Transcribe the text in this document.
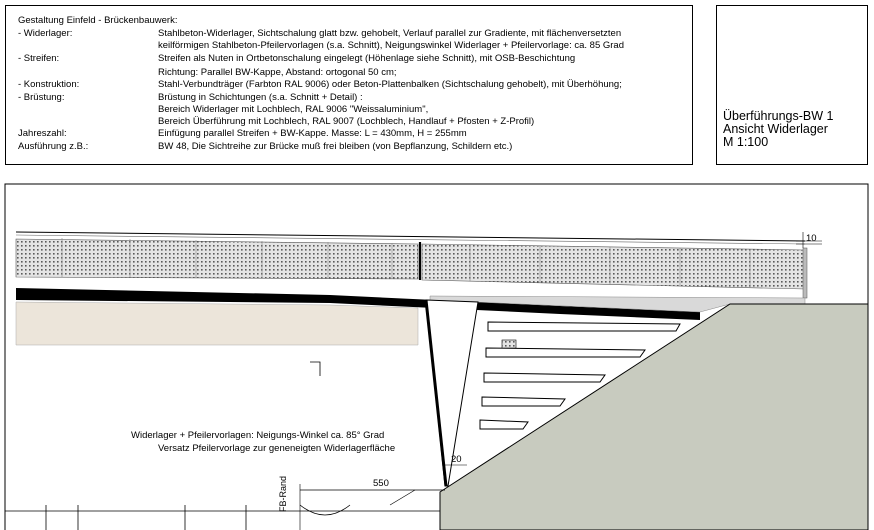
Gestaltung Einfeld - Brückenbauwerk:
- Widerlager:	Stahlbeton-Widerlager, Sichtschalung glatt bzw. gehobelt, Verlauf parallel zur Gradiente, mit flächenversetzten
keilförmigen Stahlbeton-Pfeilervorlagen (s.a. Schnitt), Neigungswinkel Widerlager + Pfeilervorlage: ca. 85 Grad
- Streifen:	Streifen als Nuten in Ortbetonschalung eingelegt (Höhenlage siehe Schnitt), mit OSB-Beschichtung
Richtung: Parallel BW-Kappe, Abstand: ortogonal 50 cm;
- Konstruktion:	Stahl-Verbundträger (Farbton RAL 9006) oder Beton-Plattenbalken (Sichtschalung gehobelt), mit Überhöhung;
- Brüstung:	Brüstung in Schichtungen (s.a. Schnitt + Detail) :
Bereich Widerlager mit Lochblech, RAL 9006 "Weissaluminium",
Bereich Überführung mit Lochblech, RAL 9007 (Lochblech, Handlauf + Pfosten + Z-Profil)
Jahreszahl:	Einfügung parallel Streifen + BW-Kappe. Masse: L = 430mm, H = 255mm
Ausführung z.B.:	BW 48, Die Sichtreihe zur Brücke muß frei bleiben (von Bepflanzung, Schildern etc.)
Überführungs-BW 1
Ansicht Widerlager
M 1:100
10
Widerlager + Pfeilervorlagen: Neigungs-Winkel ca. 85° Grad
Versatz Pfeilervorlage zur geneneigten Widerlagerfläche
20
550
FB-Rand
